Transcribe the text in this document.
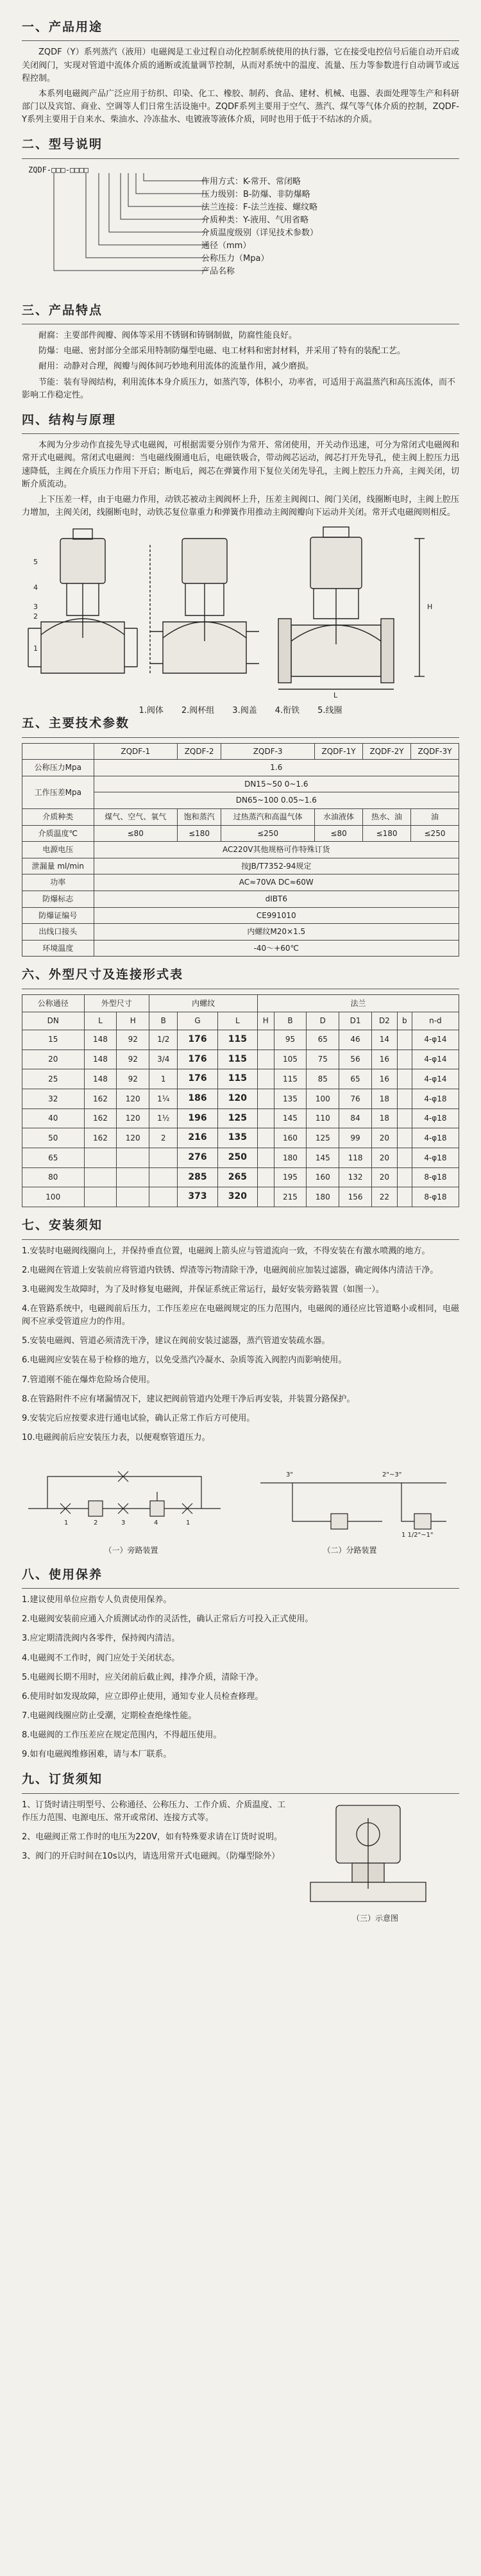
一、产品用途

ZQDF（Y）系列蒸汽（液用）电磁阀是工业过程自动化控制系统使用的执行器，它在接受电控信号后能自动开启或关闭阀门，实现对管道中流体介质的通断或流量调节控制，从而对系统中的温度、流量、压力等参数进行自动调节或远程控制。

本系列电磁阀产品广泛应用于纺织、印染、化工、橡胶、制药、食品、建材、机械、电器、表面处理等生产和科研部门以及宾馆、商业、空调等人们日常生活设施中。ZQDF系列主要用于空气、蒸汽、煤气等气体介质的控制，ZQDF-Y系列主要用于自来水、柴油水、冷冻盐水、电镀液等液体介质，同时也用于低于不结冰的介质。

二、型号说明
ZQDF-□□□-□□□□
作用方式：K-常开、常闭略
压力级别：B-防爆、非防爆略
法兰连接：F-法兰连接、螺纹略
介质种类：Y-液用、气用省略
介质温度级别（详见技术参数）
通径（mm）
公称压力（Mpa）
产品名称
三、产品特点

耐腐：主要部件阀瓣、阀体等采用不锈钢和铸钢制做，防腐性能良好。

防爆：电磁、密封部分全部采用特制防爆型电磁、电工材料和密封材料，并采用了特有的装配工艺。

耐用：动静对合理，阀瓣与阀体间巧妙地利用流体的流量作用，减少磨损。

节能：装有导阀结构，利用流体本身介质压力，如蒸汽等，体积小，功率省，可适用于高温蒸汽和高压流体，而不影响工作稳定性。

四、结构与原理

本阀为分步动作直接先导式电磁阀，可根据需要分别作为常开、常闭使用，开关动作迅速，可分为常闭式电磁阀和常开式电磁阀。常闭式电磁阀：当电磁线圈通电后，电磁铁吸合，带动阀芯运动，阀芯打开先导孔，使主阀上腔压力迅速降低，主阀在介质压力作用下开启；断电后，阀芯在弹簧作用下复位关闭先导孔，主阀上腔压力升高，主阀关闭，切断介质流动。

上下压差一样，由于电磁力作用，动铁芯被动主阀阀杯上升，压差主阀阀口、阀门关闭，线圈断电时，主阀上腔压力增加，主阀关闭，线圈断电时，动铁芯复位靠重力和弹簧作用推动主阀阀瓣向下运动并关闭。常开式电磁阀则相反。

5
4
3
2
1
H
L
1.阀体 2.阀杯组 3.阀盖 4.衔铁 5.线圈
五、主要技术参数
	ZQDF-1	ZQDF-2	ZQDF-3	ZQDF-1Y	ZQDF-2Y	ZQDF-3Y
公称压力Mpa	1.6					
工作压差Mpa	DN15~50 0~1.6					
	DN65~100 0.05~1.6					
介质种类	煤气、空气、氧气	饱和蒸汽	过热蒸汽和高温气体	水油液体	热水、油	油
介质温度℃	≤80	≤180	≤250	≤80	≤180	≤250
电源电压	AC220V其他规格可作特殊订货					
泄漏量 ml/min	按JB/T7352-94规定					
功率	AC≈70VA DC≈60W					
防爆标志	dIBT6					
防爆证编号	CE991010					
出线口接头	内螺纹M20×1.5					
环境温度	-40～+60℃					
六、外型尺寸及连接形式表
公称通径	外型尺寸		内螺纹			法兰						
DN	L	H	B	G	L	H	B	D	D1	D2	b	n-d
15	148	92	1/2	176	115		95	65	46	14		4-φ14
20	148	92	3/4	176	115		105	75	56	16		4-φ14
25	148	92	1	176	115		115	85	65	16		4-φ14
32	162	120	1¼	186	120		135	100	76	18		4-φ18
40	162	120	1½	196	125		145	110	84	18		4-φ18
50	162	120	2	216	135		160	125	99	20		4-φ18
65				276	250		180	145	118	20		4-φ18
80				285	265		195	160	132	20		8-φ18
100				373	320		215	180	156	22		8-φ18
七、安装须知

1.安装时电磁阀线圈向上，并保持垂直位置，电磁阀上箭头应与管道流向一致，不得安装在有激水喷溅的地方。

2.电磁阀在管道上安装前应将管道内铁锈、焊渣等污物清除干净，电磁阀前应加装过滤器，确定阀体内清洁干净。

3.电磁阀发生故障时，为了及时修复电磁阀，并保证系统正常运行，最好安装旁路装置（如图一）。

4.在管路系统中，电磁阀前后压力，工作压差应在电磁阀规定的压力范围内，电磁阀的通径应比管道略小或相同，电磁阀不应承受管道应力的作用。

5.安装电磁阀、管道必须清洗干净，建议在阀前安装过滤器，蒸汽管道安装疏水器。

6.电磁阀应安装在易于检修的地方，以免受蒸汽冷凝水、杂质等流入阀腔内而影响使用。

7.管道刚不能在爆炸危险场合使用。

8.在管路附件不应有堵漏情况下，建议把阀前管道内处理干净后再安装，并装置分路保护。

9.安装完后应按要求进行通电试验，确认正常工作后方可使用。

10.电磁阀前后应安装压力表，以便观察管道压力。

1	2	3	4	1
3"	2"~3"
1 1/2"~1"
（一）旁路装置	（二）分路装置
八、使用保养

1.建议使用单位应指专人负责使用保养。

2.电磁阀安装前应通入介质测试动作的灵活性，确认正常后方可投入正式使用。

3.应定期清洗阀内各零件，保持阀内清洁。

4.电磁阀不工作时，阀门应处于关闭状态。

5.电磁阀长期不用时，应关闭前后截止阀，排净介质，清除干净。

6.使用时如发现故障，应立即停止使用，通知专业人员检查修理。

7.电磁阀线圈应防止受潮，定期检查绝缘性能。

8.电磁阀的工作压差应在规定范围内，不得超压使用。

9.如有电磁阀维修困难，请与本厂联系。

九、订货须知

1、订货时请注明型号、公称通径、公称压力、工作介质、介质温度、工作压力范围、电源电压、常开或常闭、连接方式等。

2、电磁阀正常工作时的电压为220V，如有特殊要求请在订货时说明。

3、阀门的开启时间在10s以内，请选用常开式电磁阀。（防爆型除外）

（三）示意图
